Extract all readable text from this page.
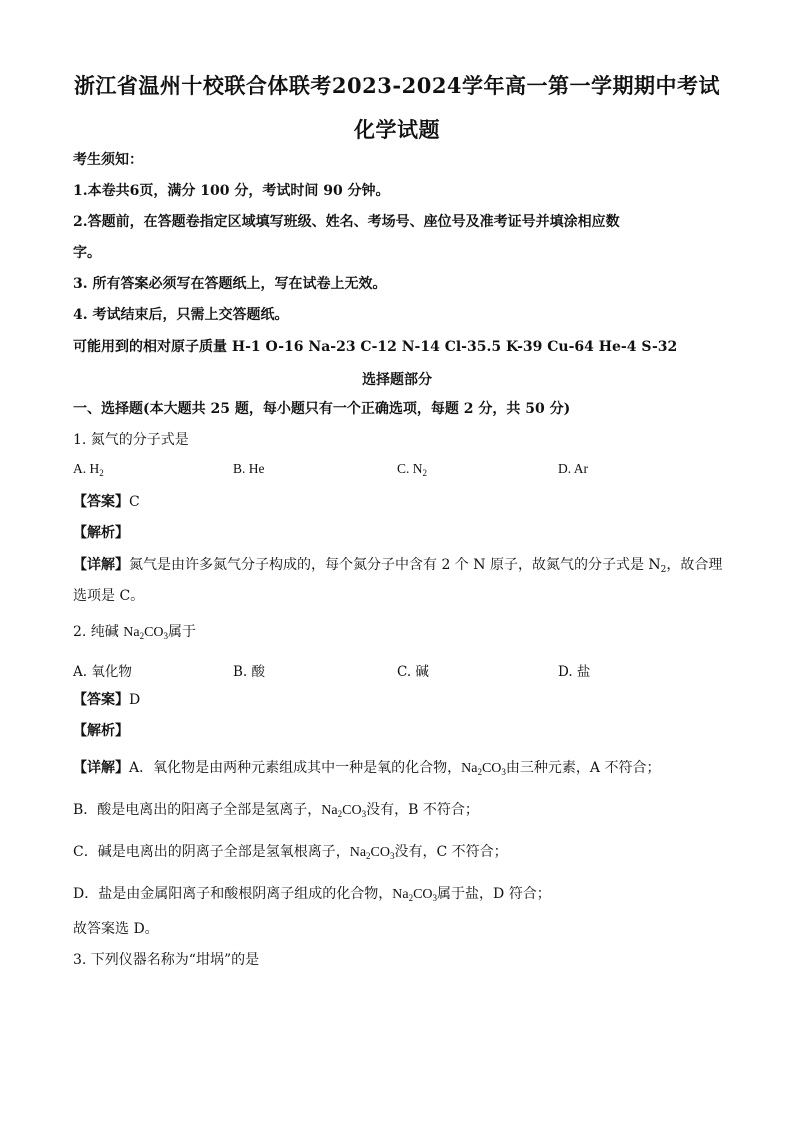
浙江省温州十校联合体联考2023-2024学年高一第一学期期中考试
化学试题
考生须知：
1.本卷共6页，满分 100 分，考试时间 90 分钟。
2.答题前，在答题卷指定区域填写班级、姓名、考场号、座位号及准考证号并填涂相应数
字。
3. 所有答案必须写在答题纸上，写在试卷上无效。
4. 考试结束后，只需上交答题纸。
可能用到的相对原子质量 H-1 O-16 Na-23 C-12 N-14 Cl-35.5 K-39 Cu-64 He-4 S-32
选择题部分
一、选择题(本大题共 25 题，每小题只有一个正确选项，每题 2 分，共 50 分)
1. 氮气的分子式是
A. $H_2$	B. He	C. $N_2$	D. Ar
【答案】C
【解析】
【详解】氮气是由许多氮气分子构成的，每个氮分子中含有 2 个 N 原子，故氮气的分子式是 $N_2$，故合理
选项是 C。
2. 纯碱 $Na_2CO_3$属于
A. 氧化物	B. 酸	C. 碱	D. 盐
【答案】D
【解析】
【详解】A．氧化物是由两种元素组成其中一种是氧的化合物，$Na_2CO_3$由三种元素，A 不符合；
B．酸是电离出的阳离子全部是氢离子，$Na_2CO_3$没有，B 不符合；
C．碱是电离出的阴离子全部是氢氧根离子，$Na_2CO_3$没有，C 不符合；
D．盐是由金属阳离子和酸根阴离子组成的化合物，$Na_2CO_3$属于盐，D 符合；
故答案选 D。
3. 下列仪器名称为“坩埚”的是
